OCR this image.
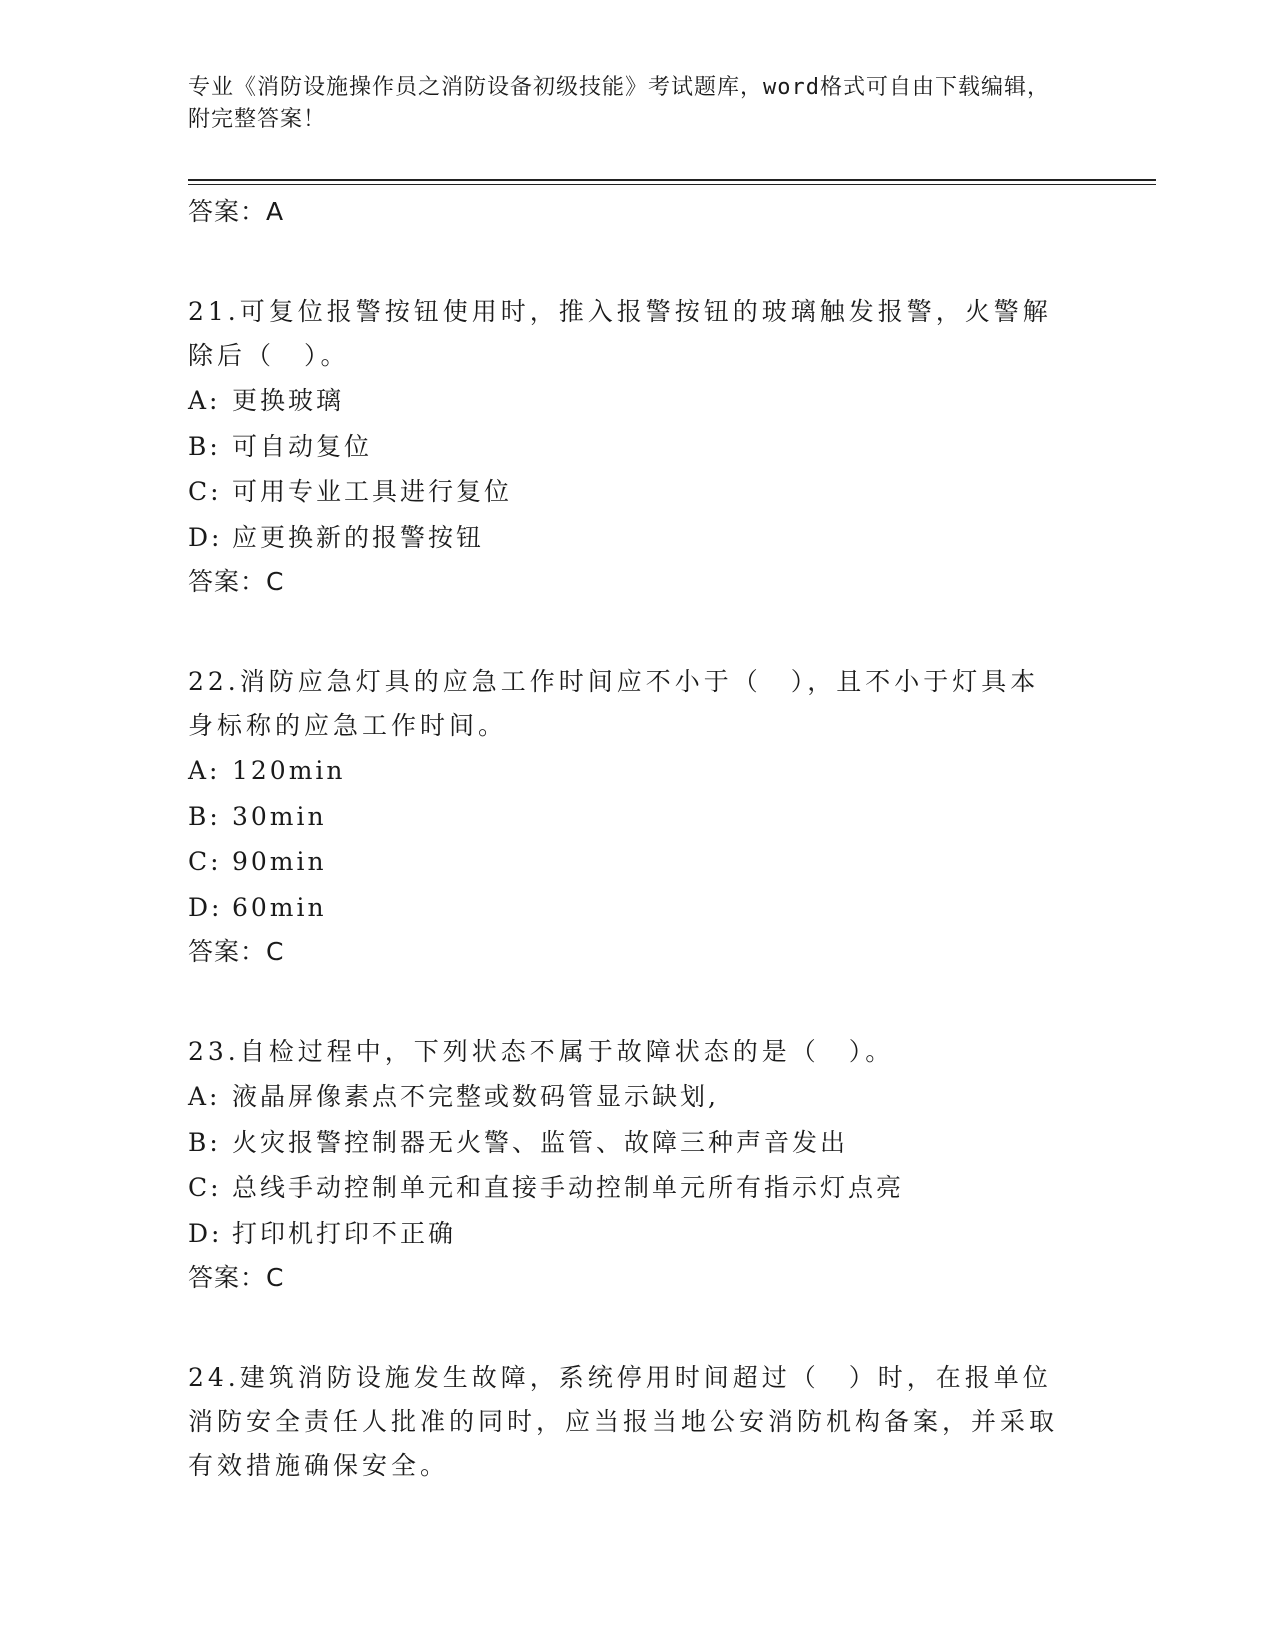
专业《消防设施操作员之消防设备初级技能》考试题库，word格式可自由下载编辑，附完整答案！
答案：A
21.可复位报警按钮使用时，推入报警按钮的玻璃触发报警，火警解除后（　）。
A: 更换玻璃
B: 可自动复位
C: 可用专业工具进行复位
D: 应更换新的报警按钮
答案：C
22.消防应急灯具的应急工作时间应不小于（　），且不小于灯具本身标称的应急工作时间。
A: 120min
B: 30min
C: 90min
D: 60min
答案：C
23.自检过程中，下列状态不属于故障状态的是（　）。
A: 液晶屏像素点不完整或数码管显示缺划,
B: 火灾报警控制器无火警、监管、故障三种声音发出
C: 总线手动控制单元和直接手动控制单元所有指示灯点亮
D: 打印机打印不正确
答案：C
24.建筑消防设施发生故障，系统停用时间超过（　）时，在报单位消防安全责任人批准的同时，应当报当地公安消防机构备案，并采取有效措施确保安全。
